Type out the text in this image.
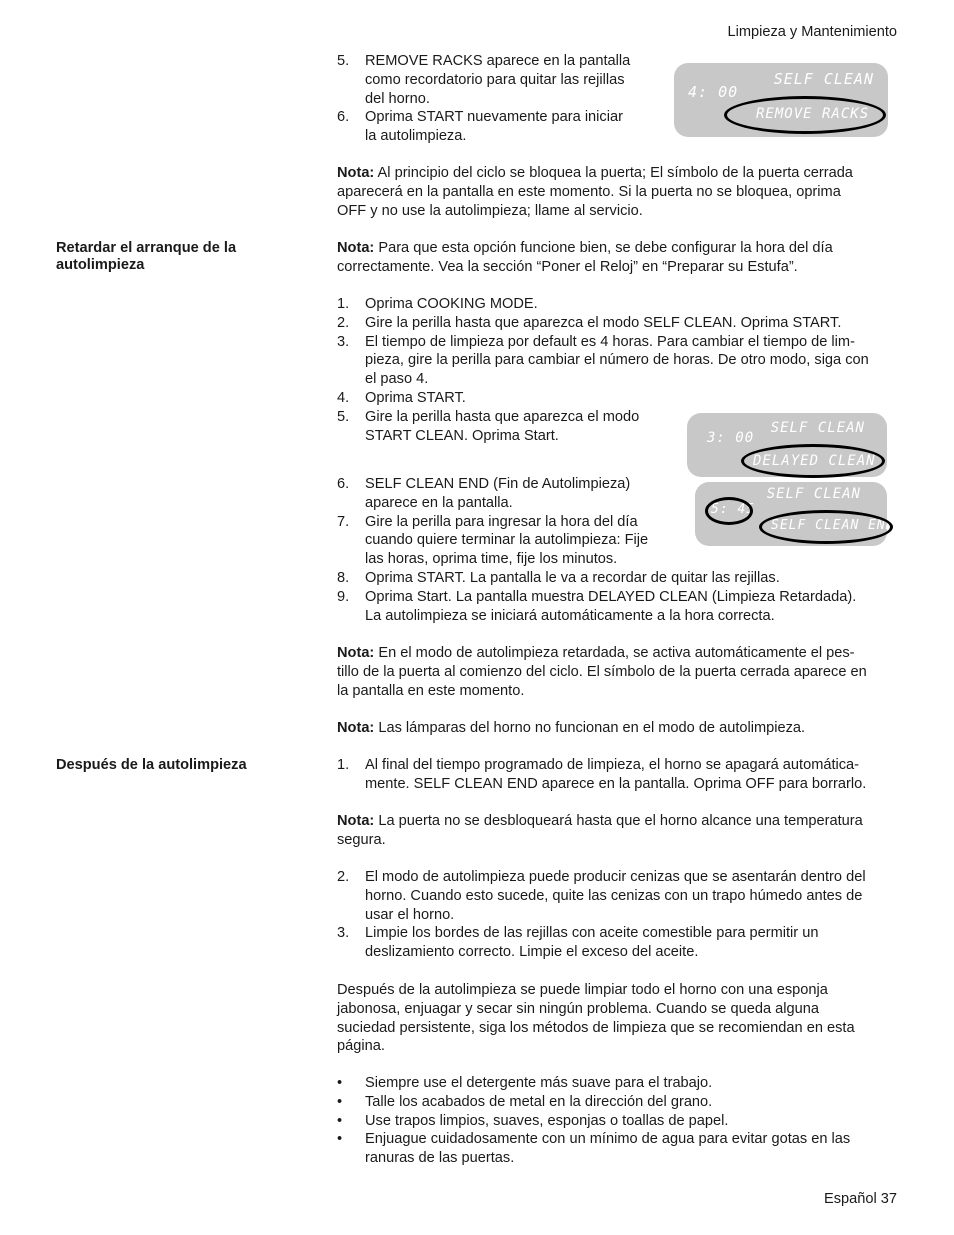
Limpieza y Mantenimiento
5.	REMOVE RACKS aparece en la pantalla
como recordatorio para quitar las rejillas
del horno.
6.	Oprima START nuevamente para iniciar
la autolimpieza.
4: 00
SELF CLEAN
REMOVE RACKS
Nota: Al principio del ciclo se bloquea la puerta; El símbolo de la puerta cerrada
aparecerá en la pantalla en este momento. Si la puerta no se bloquea, oprima
OFF y no use la autolimpieza; llame al servicio.
Retardar el arranque de la
autolimpieza
Nota: Para que esta opción funcione bien, se debe configurar la hora del día
correctamente. Vea la sección “Poner el Reloj” en “Preparar su Estufa”.
1.	Oprima COOKING MODE.
2.	Gire la perilla hasta que aparezca el modo SELF CLEAN. Oprima START.
3.	El tiempo de limpieza por default es 4 horas. Para cambiar el tiempo de lim-
pieza, gire la perilla para cambiar el número de horas. De otro modo, siga con
el paso 4.
4.	Oprima START.
5.	Gire la perilla hasta que aparezca el modo
START CLEAN. Oprima Start.
6.	SELF CLEAN END (Fin de Autolimpieza)
aparece en la pantalla.
7.	Gire la perilla para ingresar la hora del día
cuando quiere terminar la autolimpieza: Fije
las horas, oprima time, fije los minutos.
8.	Oprima START. La pantalla le va a recordar de quitar las rejillas.
9.	Oprima Start. La pantalla muestra DELAYED CLEAN (Limpieza Retardada).
La autolimpieza se iniciará automáticamente a la hora correcta.
3: 00
SELF CLEAN
DELAYED CLEAN
5: 45
SELF CLEAN
SELF CLEAN END
Nota: En el modo de autolimpieza retardada, se activa automáticamente el pes-
tillo de la puerta al comienzo del ciclo. El símbolo de la puerta cerrada aparece en
la pantalla en este momento.
Nota: Las lámparas del horno no funcionan en el modo de autolimpieza.
Después de la autolimpieza	1.	Al final del tiempo programado de limpieza, el horno se apagará automática-
mente. SELF CLEAN END aparece en la pantalla. Oprima OFF para borrarlo.
Nota: La puerta no se desbloqueará hasta que el horno alcance una temperatura
segura.
2.	El modo de autolimpieza puede producir cenizas que se asentarán dentro del
horno. Cuando esto sucede, quite las cenizas con un trapo húmedo antes de
usar el horno.
3.	Limpie los bordes de las rejillas con aceite comestible para permitir un
deslizamiento correcto. Limpie el exceso del aceite.
Después de la autolimpieza se puede limpiar todo el horno con una esponja
jabonosa, enjuagar y secar sin ningún problema. Cuando se queda alguna
suciedad persistente, siga los métodos de limpieza que se recomiendan en esta
página.
•	Siempre use el detergente más suave para el trabajo.
•	Talle los acabados de metal en la dirección del grano.
•	Use trapos limpios, suaves, esponjas o toallas de papel.
•	Enjuague cuidadosamente con un mínimo de agua para evitar gotas en las
ranuras de las puertas.
Español 37
